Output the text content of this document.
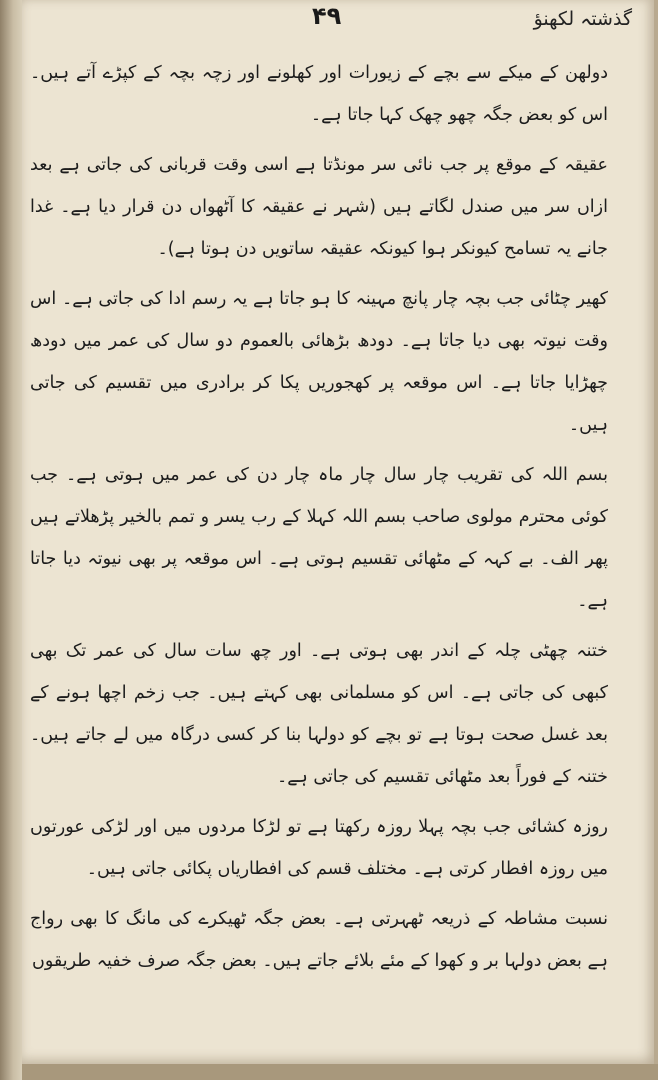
گذشتہ لکھنؤ
۴۹

دولھن کے میکے سے بچے کے زیورات اور کھلونے اور زچہ بچہ کے کپڑے آتے ہیں۔ اس کو بعض جگہ چھو چھک کہا جاتا ہے۔

عقیقہ کے موقع پر جب نائی سر مونڈتا ہے اسی وقت قربانی کی جاتی ہے بعد ازاں سر میں صندل لگاتے ہیں (شہر نے عقیقہ کا آٹھواں دن قرار دیا ہے۔ غدا جانے یہ تسامح کیونکر ہوا کیونکہ عقیقہ ساتویں دن ہوتا ہے)۔

کھیر چٹائی جب بچہ چار پانچ مہینہ کا ہو جاتا ہے یہ رسم ادا کی جاتی ہے۔ اس وقت نیوتہ بھی دیا جاتا ہے۔ دودھ بڑھائی بالعموم دو سال کی عمر میں دودھ چھڑایا جاتا ہے۔ اس موقعہ پر کھجوریں پکا کر برادری میں تقسیم کی جاتی ہیں۔

بسم اللہ کی تقریب چار سال چار ماہ چار دن کی عمر میں ہوتی ہے۔ جب کوئی محترم مولوی صاحب بسم اللہ کہلا کے رب یسر و تمم بالخیر پڑھلاتے ہیں پھر الف۔ بے کہہ کے مٹھائی تقسیم ہوتی ہے۔ اس موقعہ پر بھی نیوتہ دیا جاتا ہے۔

ختنہ چھٹی چلہ کے اندر بھی ہوتی ہے۔ اور چھ سات سال کی عمر تک بھی کبھی کی جاتی ہے۔ اس کو مسلمانی بھی کہتے ہیں۔ جب زخم اچھا ہونے کے بعد غسل صحت ہوتا ہے تو بچے کو دولہا بنا کر کسی درگاہ میں لے جاتے ہیں۔ ختنہ کے فوراً بعد مٹھائی تقسیم کی جاتی ہے۔

روزہ کشائی جب بچہ پہلا روزہ رکھتا ہے تو لڑکا مردوں میں اور لڑکی عورتوں میں روزہ افطار کرتی ہے۔ مختلف قسم کی افطاریاں پکائی جاتی ہیں۔

نسبت مشاطہ کے ذریعہ ٹھہرتی ہے۔ بعض جگہ ٹھیکرے کی مانگ کا بھی رواج ہے بعض دولہا بر و کھوا کے مئے بلائے جاتے ہیں۔ بعض جگہ صرف خفیہ طریقوں
